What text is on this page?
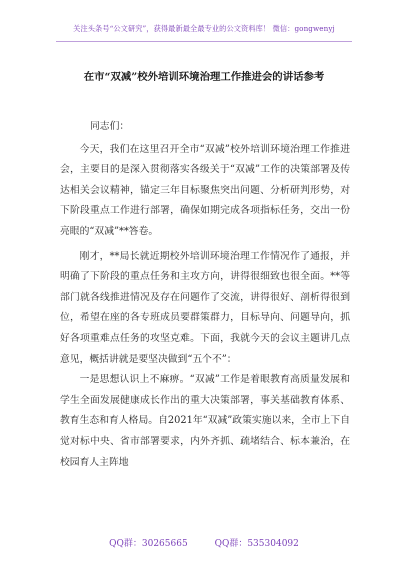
关注头条号“公文研究”，获得最新最全最专业的公文资料库！ 微信：gongwenyj
在市“双减”校外培训环境治理工作推进会的讲话参考

同志们：

今天，我们在这里召开全市“双减”校外培训环境治理工作推进会，主要目的是深入贯彻落实各级关于“双减”工作的决策部署及传达相关会议精神，锚定三年目标聚焦突出问题、分析研判形势，对下阶段重点工作进行部署，确保如期完成各项指标任务，交出一份亮眼的“双减”**答卷。

刚才，**局长就近期校外培训环境治理工作情况作了通报，并明确了下阶段的重点任务和主攻方向，讲得很细致也很全面。**等部门就各线推进情况及存在问题作了交流，讲得很好、剖析得很到位，希望在座的各专班成员要群策群力，目标导向、问题导向，抓好各项重难点任务的攻坚克难。下面，我就今天的会议主题讲几点意见，概括讲就是要坚决做到“五个不”：

一是思想认识上不麻痹。“双减”工作是着眼教育高质量发展和学生全面发展健康成长作出的重大决策部署，事关基础教育体系、教育生态和育人格局。自2021年“双减”政策实施以来，全市上下自觉对标中央、省市部署要求，内外齐抓、疏堵结合、标本兼治，在校园育人主阵地

QQ群：30265665	QQ群：535304092
